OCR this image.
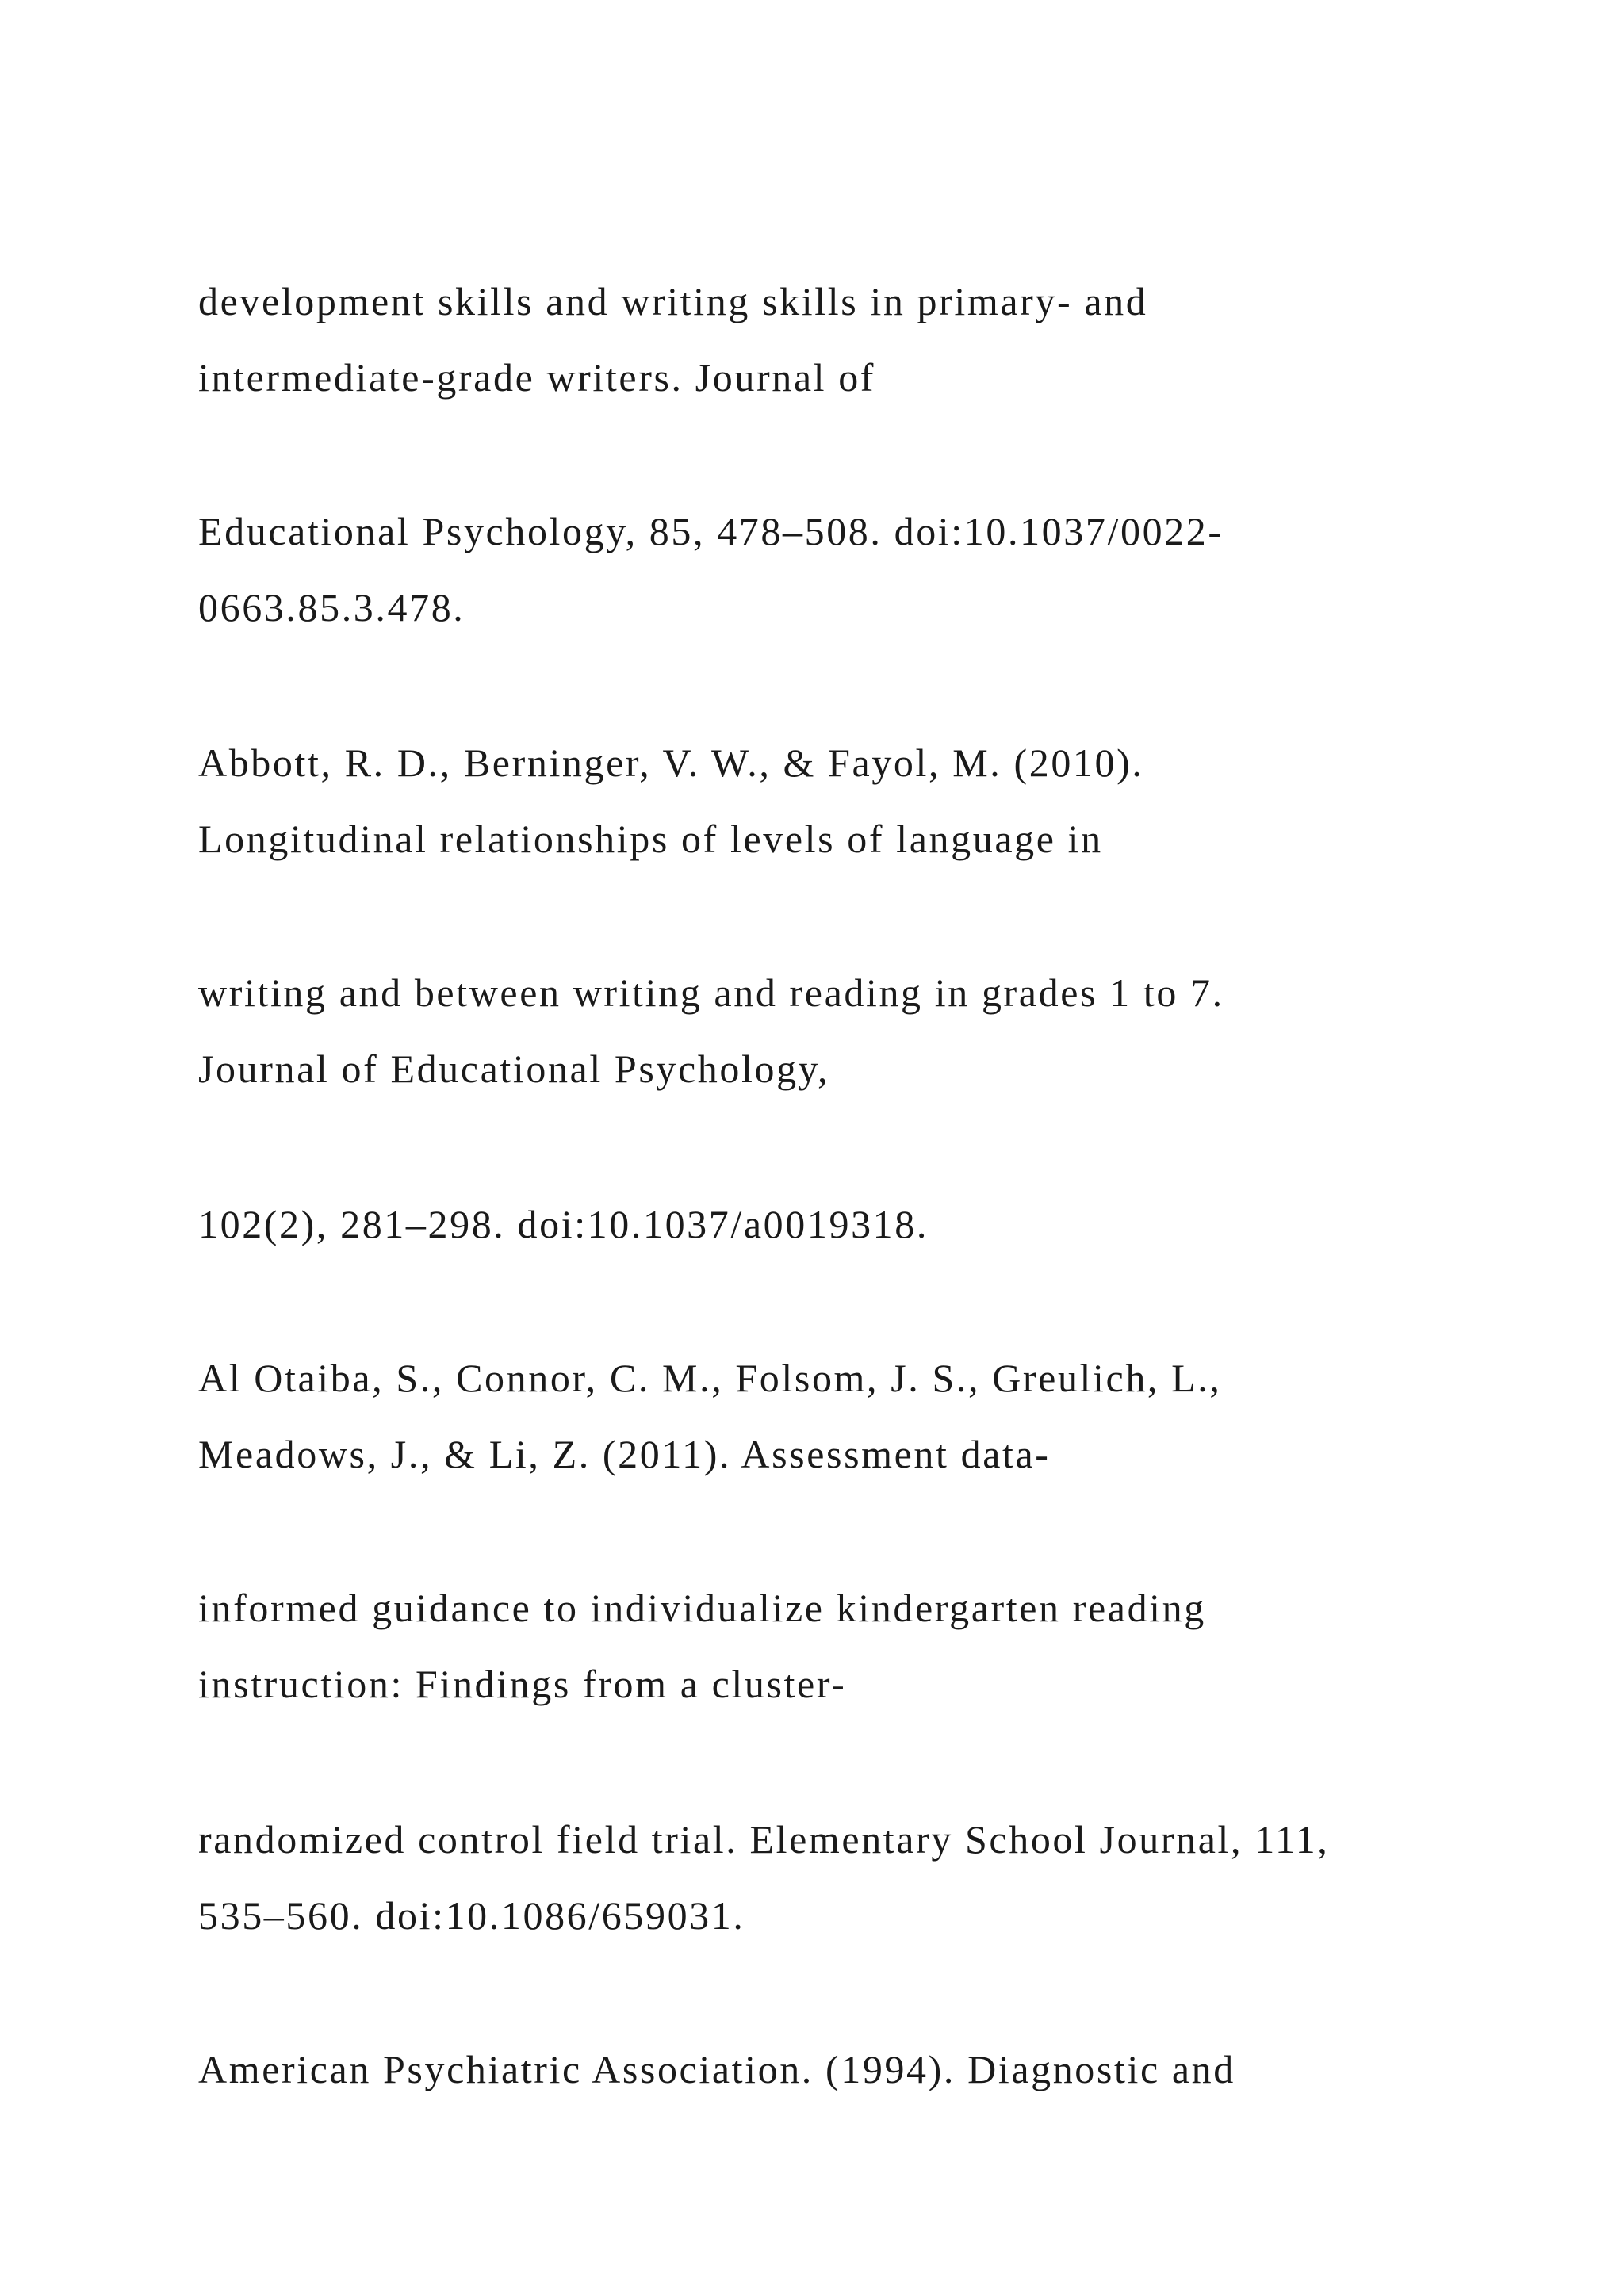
development skills and writing skills in primary- and

intermediate-grade writers. Journal of

Educational Psychology, 85, 478–508. doi:10.1037/0022-

0663.85.3.478.

Abbott, R. D., Berninger, V. W., & Fayol, M. (2010).

Longitudinal relationships of levels of language in

writing and between writing and reading in grades 1 to 7.

Journal of Educational Psychology,

102(2), 281–298. doi:10.1037/a0019318.

Al Otaiba, S., Connor, C. M., Folsom, J. S., Greulich, L.,

Meadows, J., & Li, Z. (2011). Assessment data-

informed guidance to individualize kindergarten reading

instruction: Findings from a cluster-

randomized control field trial. Elementary School Journal, 111,

535–560. doi:10.1086/659031.

American Psychiatric Association. (1994). Diagnostic and
